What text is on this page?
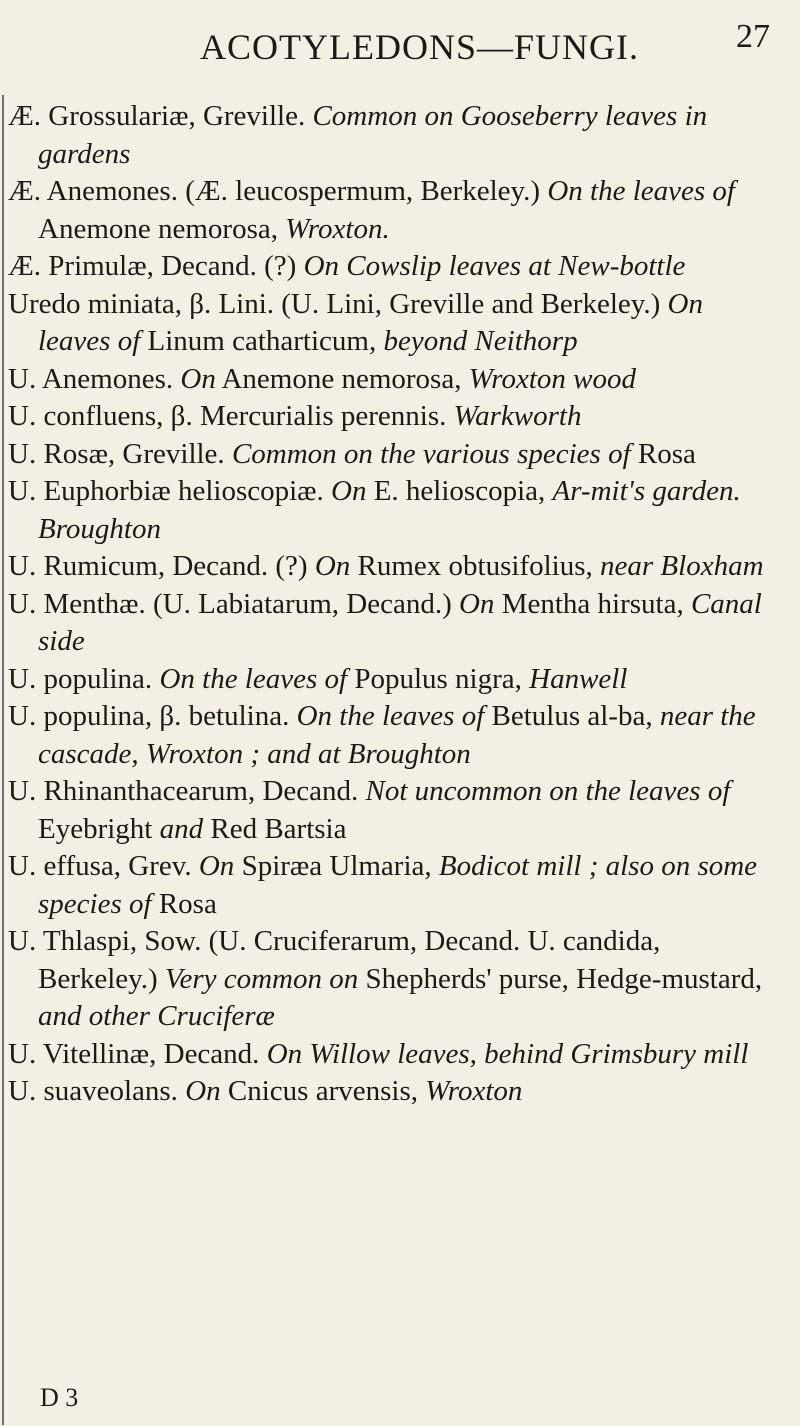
ACOTYLEDONS—FUNGI.	27

Æ. Grossulariæ, Greville. Common on Gooseberry leaves in gardens

Æ. Anemones. (Æ. leucospermum, Berkeley.) On the leaves of Anemone nemorosa, Wroxton.

Æ. Primulæ, Decand. (?) On Cowslip leaves at New-bottle

Uredo miniata, β. Lini. (U. Lini, Greville and Berkeley.) On leaves of Linum catharticum, beyond Neithorp

U. Anemones. On Anemone nemorosa, Wroxton wood

U. confluens, β. Mercurialis perennis. Warkworth

U. Rosæ, Greville. Common on the various species of Rosa

U. Euphorbiæ helioscopiæ. On E. helioscopia, Ar-mit's garden. Broughton

U. Rumicum, Decand. (?) On Rumex obtusifolius, near Bloxham

U. Menthæ. (U. Labiatarum, Decand.) On Mentha hirsuta, Canal side

U. populina. On the leaves of Populus nigra, Hanwell

U. populina, β. betulina. On the leaves of Betulus al-ba, near the cascade, Wroxton ; and at Broughton

U. Rhinanthacearum, Decand. Not uncommon on the leaves of Eyebright and Red Bartsia

U. effusa, Grev. On Spiræa Ulmaria, Bodicot mill ; also on some species of Rosa

U. Thlaspi, Sow. (U. Cruciferarum, Decand. U. candida, Berkeley.) Very common on Shepherds' purse, Hedge-mustard, and other Cruciferæ

U. Vitellinæ, Decand. On Willow leaves, behind Grimsbury mill

U. suaveolans. On Cnicus arvensis, Wroxton

D 3
